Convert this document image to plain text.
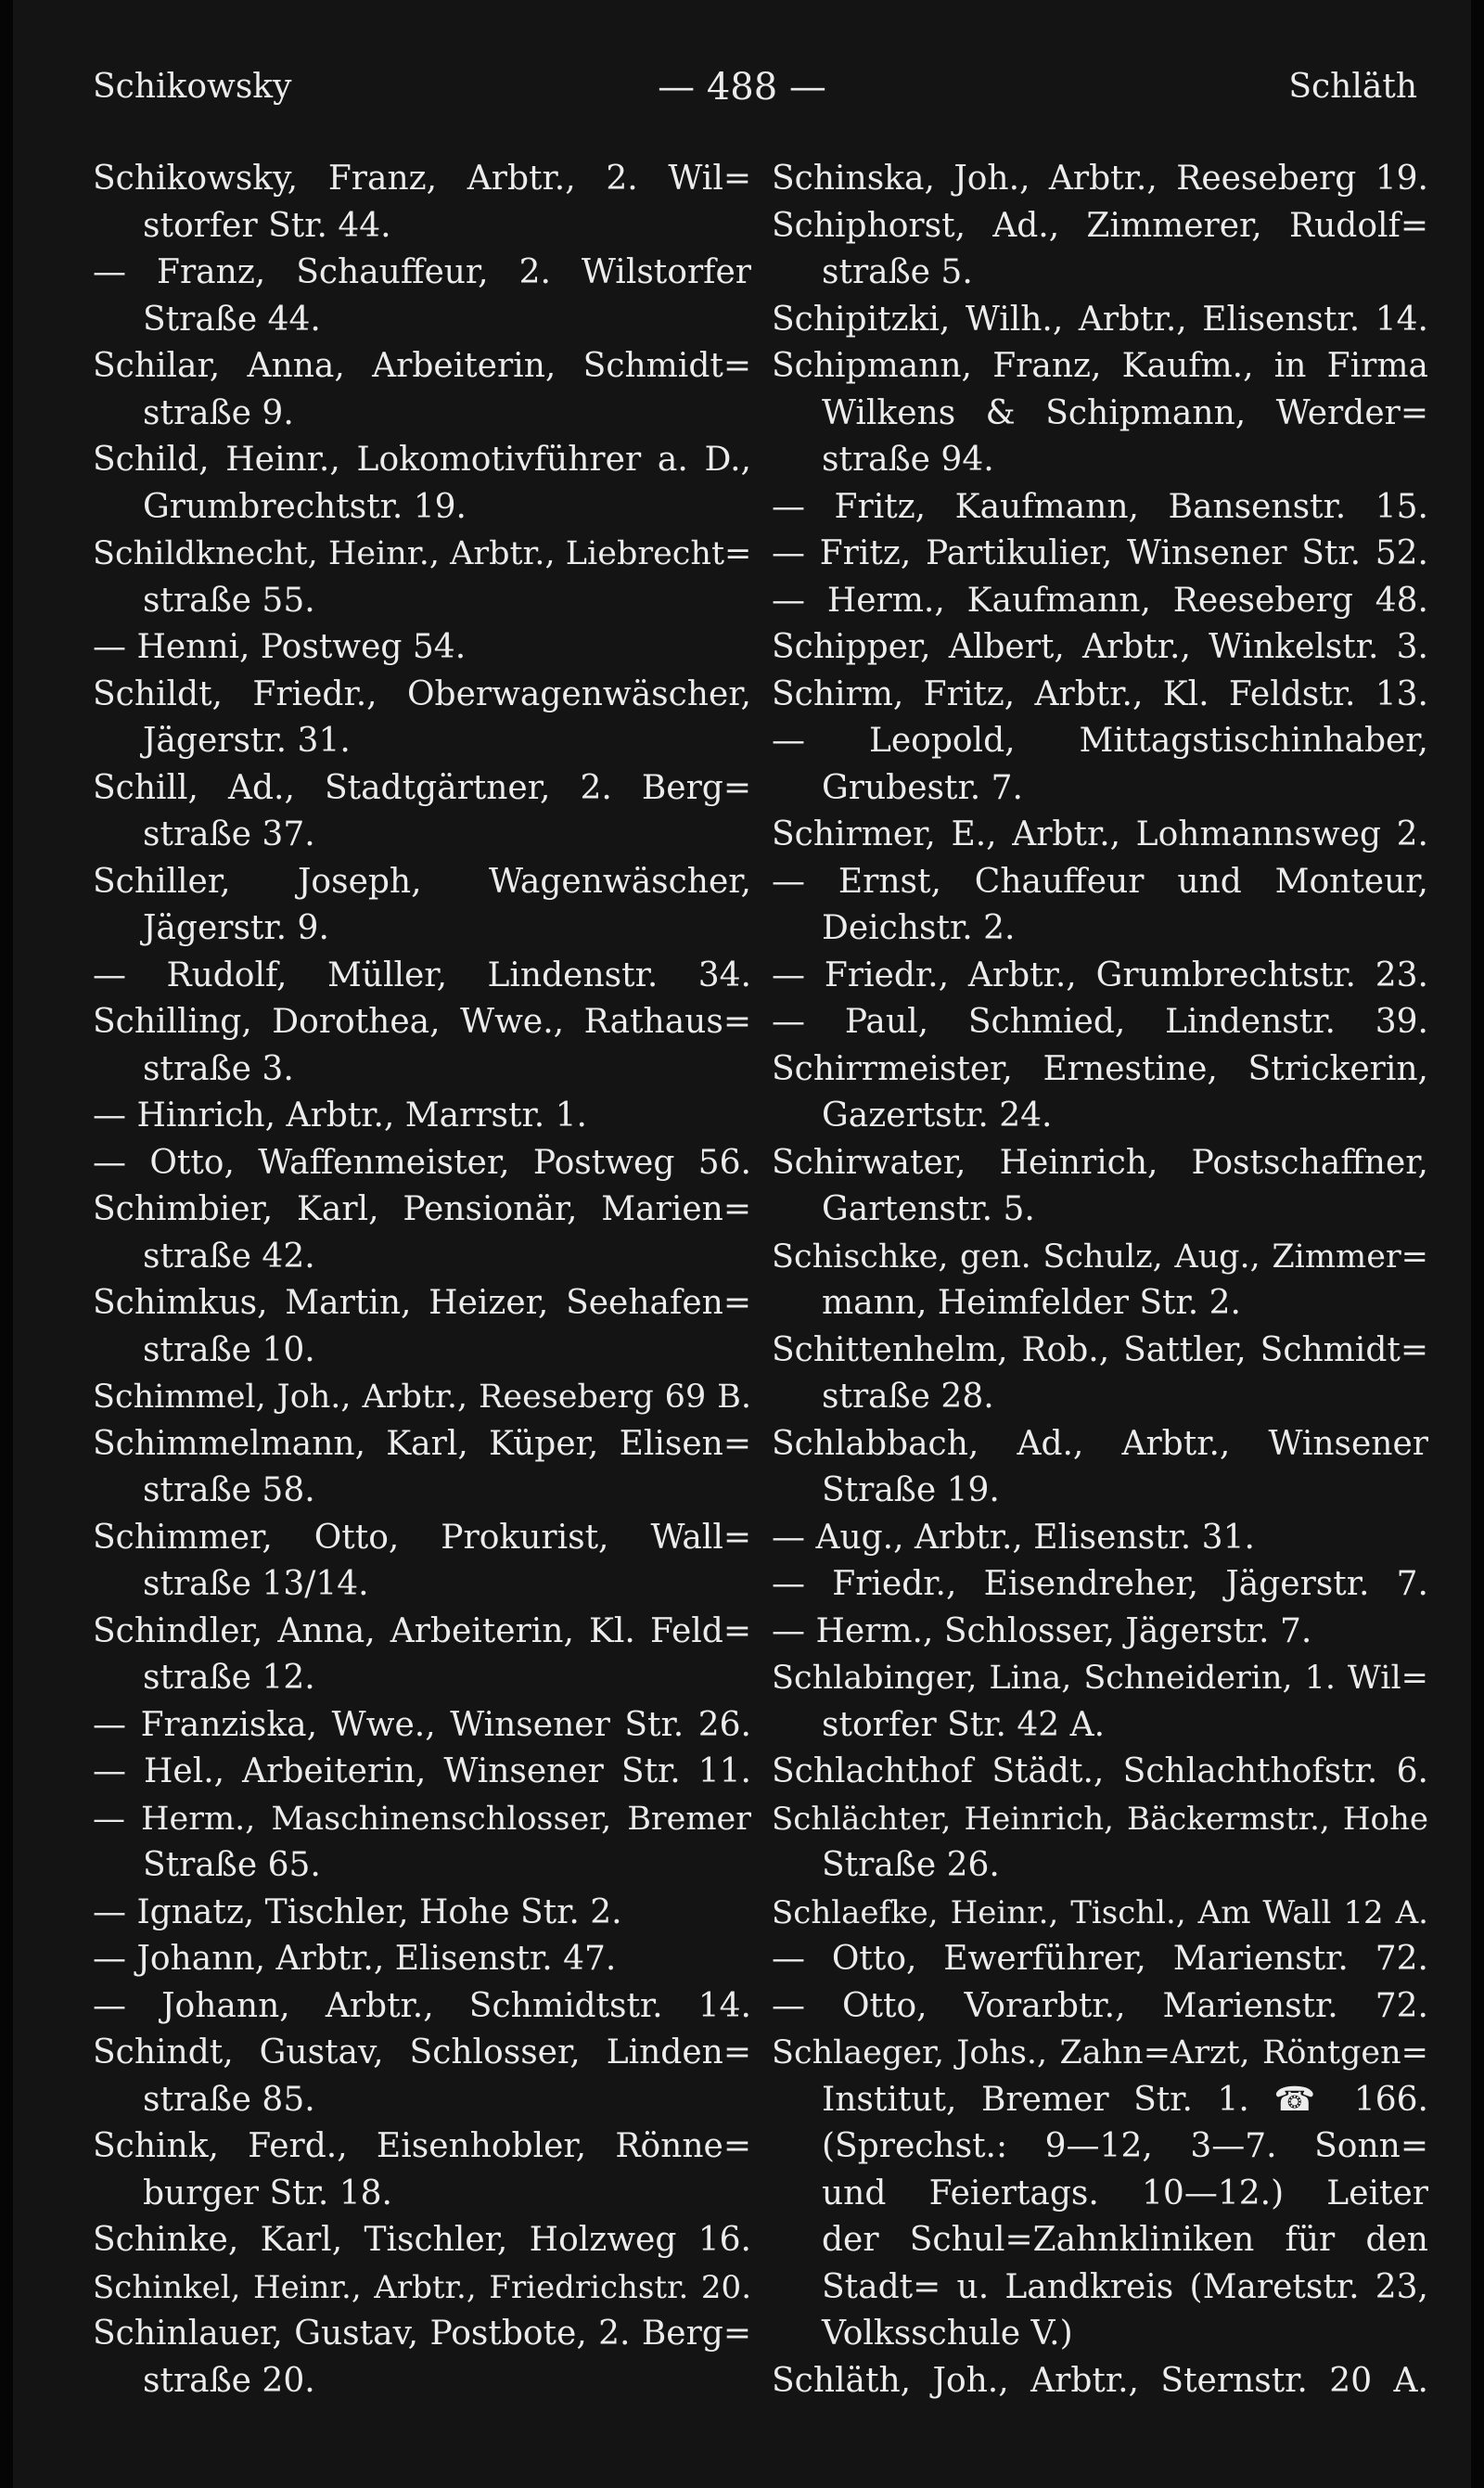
Schikowsky	— 488 —	Schläth
Schikowsky, Franz, Arbtr., 2. Wil=
storfer Str. 44.
— Franz, Schauffeur, 2. Wilstorfer
Straße 44.
Schilar, Anna, Arbeiterin, Schmidt=
straße 9.
Schild, Heinr., Lokomotivführer a. D.,
Grumbrechtstr. 19.
Schildknecht, Heinr., Arbtr., Liebrecht=
straße 55.
— Henni, Postweg 54.
Schildt, Friedr., Oberwagenwäscher,
Jägerstr. 31.
Schill, Ad., Stadtgärtner, 2. Berg=
straße 37.
Schiller, Joseph, Wagenwäscher,
Jägerstr. 9.
— Rudolf, Müller, Lindenstr. 34.
Schilling, Dorothea, Wwe., Rathaus=
straße 3.
— Hinrich, Arbtr., Marrstr. 1.
— Otto, Waffenmeister, Postweg 56.
Schimbier, Karl, Pensionär, Marien=
straße 42.
Schimkus, Martin, Heizer, Seehafen=
straße 10.
Schimmel, Joh., Arbtr., Reeseberg 69 B.
Schimmelmann, Karl, Küper, Elisen=
straße 58.
Schimmer, Otto, Prokurist, Wall=
straße 13/14.
Schindler, Anna, Arbeiterin, Kl. Feld=
straße 12.
— Franziska, Wwe., Winsener Str. 26.
— Hel., Arbeiterin, Winsener Str. 11.
— Herm., Maschinenschlosser, Bremer
Straße 65.
— Ignatz, Tischler, Hohe Str. 2.
— Johann, Arbtr., Elisenstr. 47.
— Johann, Arbtr., Schmidtstr. 14.
Schindt, Gustav, Schlosser, Linden=
straße 85.
Schink, Ferd., Eisenhobler, Rönne=
burger Str. 18.
Schinke, Karl, Tischler, Holzweg 16.
Schinkel, Heinr., Arbtr., Friedrichstr. 20.
Schinlauer, Gustav, Postbote, 2. Berg=
straße 20.
Schinska, Joh., Arbtr., Reeseberg 19.
Schiphorst, Ad., Zimmerer, Rudolf=
straße 5.
Schipitzki, Wilh., Arbtr., Elisenstr. 14.
Schipmann, Franz, Kaufm., in Firma
Wilkens & Schipmann, Werder=
straße 94.
— Fritz, Kaufmann, Bansenstr. 15.
— Fritz, Partikulier, Winsener Str. 52.
— Herm., Kaufmann, Reeseberg 48.
Schipper, Albert, Arbtr., Winkelstr. 3.
Schirm, Fritz, Arbtr., Kl. Feldstr. 13.
— Leopold, Mittagstischinhaber,
Grubestr. 7.
Schirmer, E., Arbtr., Lohmannsweg 2.
— Ernst, Chauffeur und Monteur,
Deichstr. 2.
— Friedr., Arbtr., Grumbrechtstr. 23.
— Paul, Schmied, Lindenstr. 39.
Schirrmeister, Ernestine, Strickerin,
Gazertstr. 24.
Schirwater, Heinrich, Postschaffner,
Gartenstr. 5.
Schischke, gen. Schulz, Aug., Zimmer=
mann, Heimfelder Str. 2.
Schittenhelm, Rob., Sattler, Schmidt=
straße 28.
Schlabbach, Ad., Arbtr., Winsener
Straße 19.
— Aug., Arbtr., Elisenstr. 31.
— Friedr., Eisendreher, Jägerstr. 7.
— Herm., Schlosser, Jägerstr. 7.
Schlabinger, Lina, Schneiderin, 1. Wil=
storfer Str. 42 A.
Schlachthof Städt., Schlachthofstr. 6.
Schlächter, Heinrich, Bäckermstr., Hohe
Straße 26.
Schlaefke, Heinr., Tischl., Am Wall 12 A.
— Otto, Ewerführer, Marienstr. 72.
— Otto, Vorarbtr., Marienstr. 72.
Schlaeger, Johs., Zahn=Arzt, Röntgen=
Institut, Bremer Str. 1. ☎ 166.
(Sprechst.: 9—12, 3—7. Sonn=
und Feiertags. 10—12.) Leiter
der Schul=Zahnkliniken für den
Stadt= u. Landkreis (Maretstr. 23,
Volksschule V.)
Schläth, Joh., Arbtr., Sternstr. 20 A.
